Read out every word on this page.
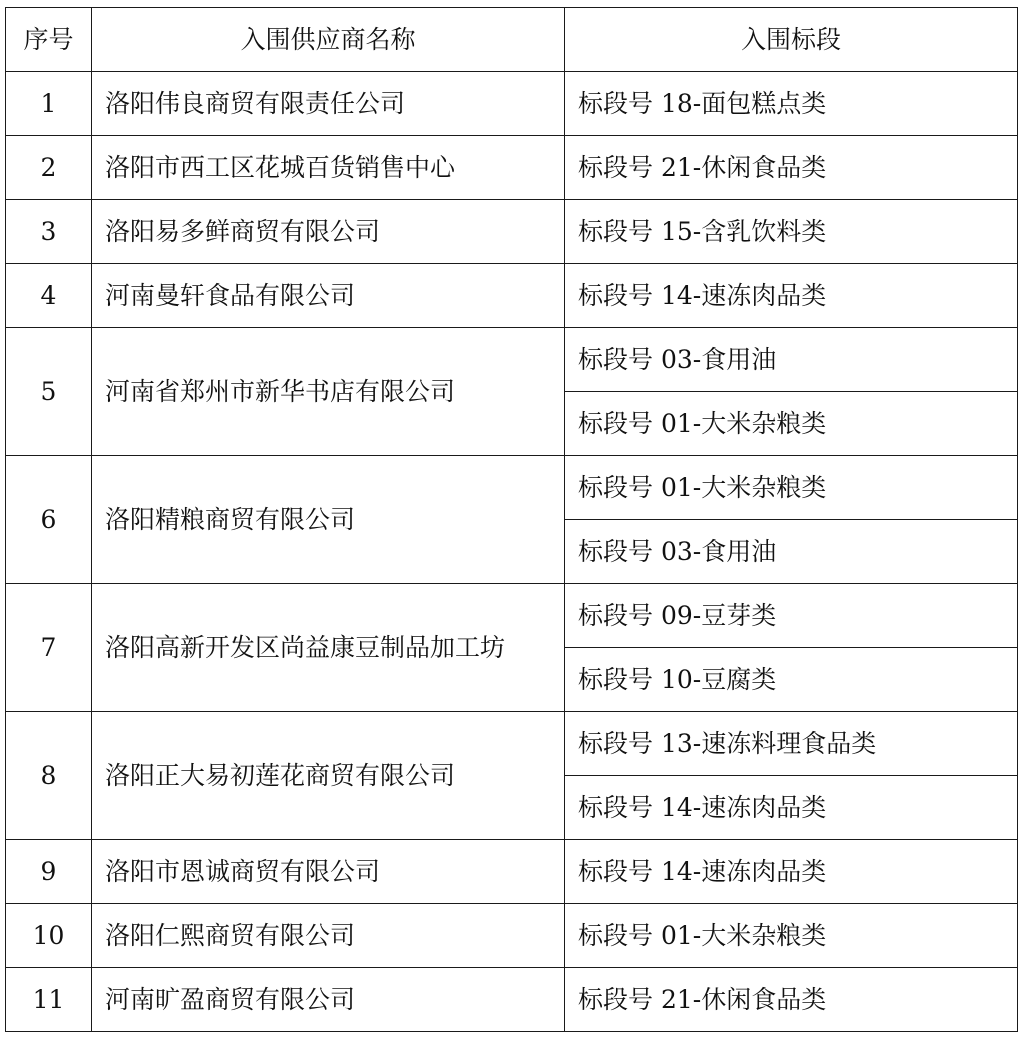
序号	入围供应商名称	入围标段
1	洛阳伟良商贸有限责任公司	标段号 18-面包糕点类
2	洛阳市西工区花城百货销售中心	标段号 21-休闲食品类
3	洛阳易多鲜商贸有限公司	标段号 15-含乳饮料类
4	河南曼轩食品有限公司	标段号 14-速冻肉品类
5	河南省郑州市新华书店有限公司	标段号 03-食用油
		标段号 01-大米杂粮类
6	洛阳精粮商贸有限公司	标段号 01-大米杂粮类
		标段号 03-食用油
7	洛阳高新开发区尚益康豆制品加工坊	标段号 09-豆芽类
		标段号 10-豆腐类
8	洛阳正大易初莲花商贸有限公司	标段号 13-速冻料理食品类
		标段号 14-速冻肉品类
9	洛阳市恩诚商贸有限公司	标段号 14-速冻肉品类
10	洛阳仁熙商贸有限公司	标段号 01-大米杂粮类
11	河南旷盈商贸有限公司	标段号 21-休闲食品类
